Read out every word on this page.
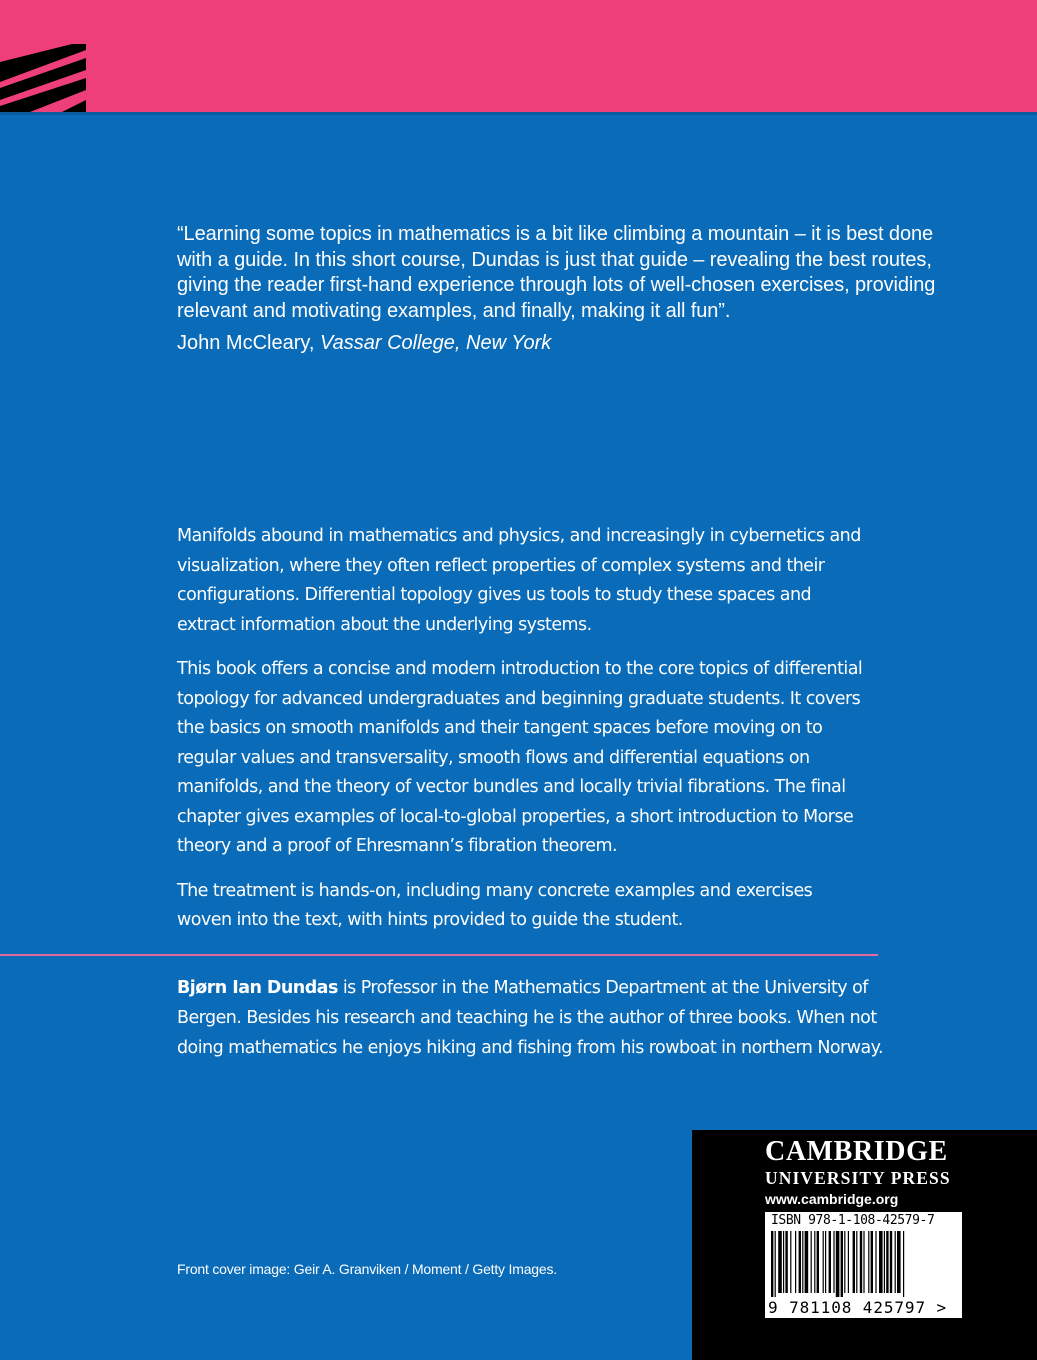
“Learning some topics in mathematics is a bit like climbing a mountain – it is best done with a guide. In this short course, Dundas is just that guide – revealing the best routes, giving the reader first-hand experience through lots of well-chosen exercises, providing relevant and motivating examples, and finally, making it all fun”.
John McCleary, Vassar College, New York

Manifolds abound in mathematics and physics, and increasingly in cybernetics and visualization, where they often reflect properties of complex systems and their configurations. Differential topology gives us tools to study these spaces and extract information about the underlying systems.

This book offers a concise and modern introduction to the core topics of differential topology for advanced undergraduates and beginning graduate students. It covers the basics on smooth manifolds and their tangent spaces before moving on to regular values and transversality, smooth flows and differential equations on manifolds, and the theory of vector bundles and locally trivial fibrations. The final chapter gives examples of local-to-global properties, a short introduction to Morse theory and a proof of Ehresmann’s fibration theorem.

The treatment is hands-on, including many concrete examples and exercises woven into the text, with hints provided to guide the student.

Bjørn Ian Dundas is Professor in the Mathematics Department at the University of Bergen. Besides his research and teaching he is the author of three books. When not doing mathematics he enjoys hiking and fishing from his rowboat in northern Norway.
Front cover image: Geir A. Granviken / Moment / Getty Images.
CAMBRIDGE
UNIVERSITY PRESS
www.cambridge.org
ISBN 978-1-108-42579-7
9 781108 425797 >
